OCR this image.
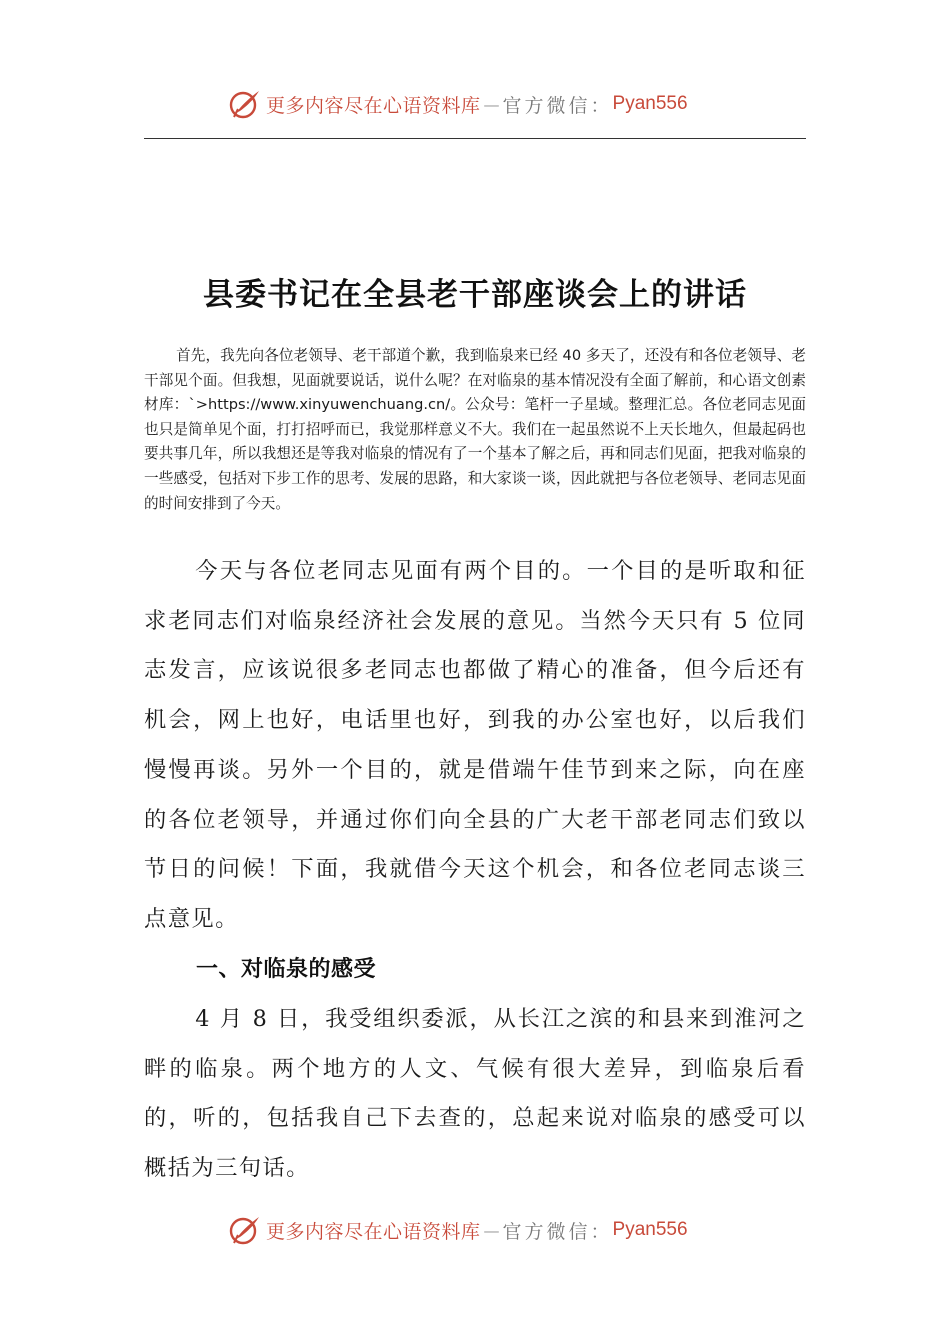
更多内容尽在心语资料库 — 官方微信： Pyan556
县委书记在全县老干部座谈会上的讲话

首先，我先向各位老领导、老干部道个歉，我到临泉来已经 40 多天了，还没有和各位老领导、老干部见个面。但我想，见面就要说话，说什么呢？在对临泉的基本情况没有全面了解前，和心语文创素材库：`>https://www.xinyuwenchuang.cn/。公众号：笔杆一子星域。整理汇总。各位老同志见面也只是简单见个面，打打招呼而已，我觉那样意义不大。我们在一起虽然说不上天长地久，但最起码也要共事几年，所以我想还是等我对临泉的情况有了一个基本了解之后，再和同志们见面，把我对临泉的一些感受，包括对下步工作的思考、发展的思路，和大家谈一谈，因此就把与各位老领导、老同志见面的时间安排到了今天。

今天与各位老同志见面有两个目的。一个目的是听取和征求老同志们对临泉经济社会发展的意见。当然今天只有 5 位同志发言，应该说很多老同志也都做了精心的准备，但今后还有机会，网上也好，电话里也好，到我的办公室也好，以后我们慢慢再谈。另外一个目的，就是借端午佳节到来之际，向在座的各位老领导，并通过你们向全县的广大老干部老同志们致以节日的问候！下面，我就借今天这个机会，和各位老同志谈三点意见。

一、对临泉的感受

4 月 8 日，我受组织委派，从长江之滨的和县来到淮河之畔的临泉。两个地方的人文、气候有很大差异，到临泉后看的，听的，包括我自己下去查的，总起来说对临泉的感受可以概括为三句话。

更多内容尽在心语资料库 — 官方微信： Pyan556
